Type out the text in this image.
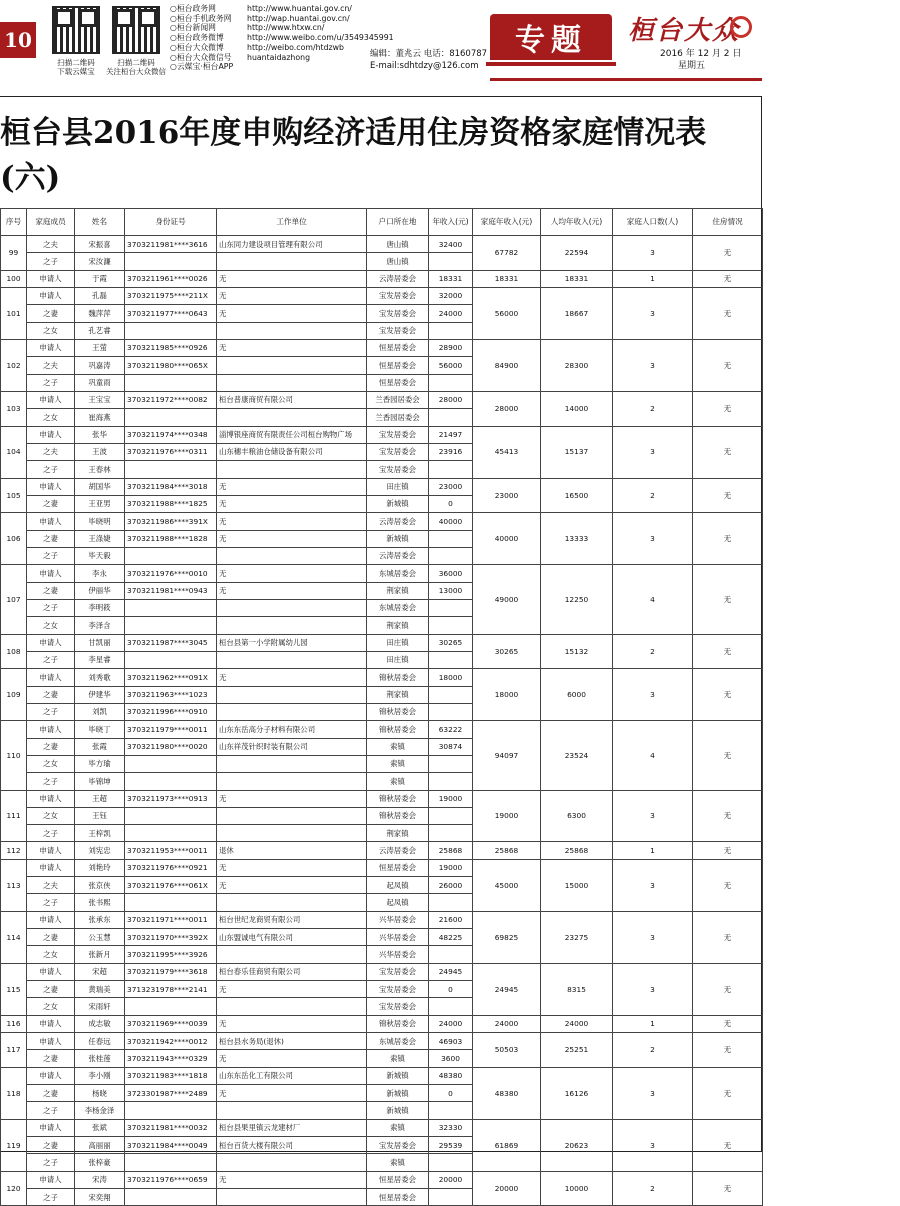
10
扫描二维码
下载云媒宝
扫描二维码
关注桓台大众微信
○ 桓台政务网	http://www.huantai.gov.cn/
○ 桓台手机政务网	http://wap.huantai.gov.cn/
○ 桓台新闻网	http://www.htxw.cn/
○ 桓台政务微博	http://www.weibo.com/u/3549345991
○ 桓台大众微博	http://weibo.com/htdzwb
○ 桓台大众微信号	huantaidazhong
○ 云媒宝·桓台APP
编辑：董兆云 电话：8160787
E-mail:sdhtdzy@126.com
专题	桓台大众
2016 年 12 月 2 日
星期五
桓台县2016年度申购经济适用住房资格家庭情况表(六)
序号	家庭成员	姓名	身份证号	工作单位	户口所在地	年收入(元)	家庭年收入(元)	人均年收入(元)	家庭人口数(人)	住房情况
99	之夫	宋振喜	3703211981****3616	山东同力建设项目管理有限公司	唐山镇	32400	67782	22594	3	无
	之子	宋汝濂			唐山镇					
100	申请人	于霞	3703211961****0026	无	云涛居委会	18331	18331	18331	1	无
101	申请人	孔磊	3703211975****211X	无	宝发居委会	32000	56000	18667	3	无
	之妻	魏萍萍	3703211977****0643	无	宝发居委会	24000				
	之女	孔艺睿			宝发居委会					
102	申请人	王萤	3703211985****0926	无	恒星居委会	28900	84900	28300	3	无
	之夫	巩嘉涛	3703211980****065X		恒星居委会	56000				
	之子	巩童雨			恒星居委会					
103	申请人	王宝宝	3703211972****0082	桓台普康商贸有限公司	兰香园居委会	28000	28000	14000	2	无
	之女	崔海燕			兰香园居委会					
104	申请人	张华	3703211974****0348	淄博银座商贸有限责任公司桓台购物广场	宝发居委会	21497	45413	15137	3	无
	之夫	王波	3703211976****0311	山东穗丰粮油仓储设备有限公司	宝发居委会	23916				
	之子	王春林			宝发居委会					
105	申请人	胡国华	3703211984****3018	无	田庄镇	23000	23000	16500	2	无
	之妻	王亚男	3703211988****1825	无	新城镇	0				
106	申请人	毕晓明	3703211986****391X	无	云涛居委会	40000	40000	13333	3	无
	之妻	王涤婕	3703211988****1828	无	新城镇					
	之子	毕天毅			云涛居委会					
107	申请人	李永	3703211976****0010	无	东城居委会	36000	49000	12250	4	无
	之妻	伊丽华	3703211981****0943	无	荆家镇	13000				
	之子	李明筱			东城居委会					
	之女	李泽含			荆家镇					
108	申请人	甘凯丽	3703211987****3045	桓台县第一小学附属幼儿园	田庄镇	30265	30265	15132	2	无
	之子	李星睿			田庄镇					
109	申请人	刘秀歌	3703211962****091X	无	锦秋居委会	18000	18000	6000	3	无
	之妻	伊建华	3703211963****1023		荆家镇					
	之子	刘凯	3703211996****0910		锦秋居委会					
110	申请人	毕晓丁	3703211979****0011	山东东岳高分子材料有限公司	锦秋居委会	63222	94097	23524	4	无
	之妻	张霞	3703211980****0020	山东祥茂针织时装有限公司	索镇	30874				
	之女	毕方瑜			索镇					
	之子	毕锦坤			索镇					
111	申请人	王超	3703211973****0913	无	锦秋居委会	19000	19000	6300	3	无
	之女	王钰			锦秋居委会					
	之子	王梓凯			荆家镇					
112	申请人	刘宪忠	3703211953****0011	退休	云涛居委会	25868	25868	25868	1	无
113	申请人	刘艳玲	3703211976****0921	无	恒星居委会	19000	45000	15000	3	无
	之夫	张京侠	3703211976****061X	无	起凤镇	26000				
	之子	张书熙			起凤镇					
114	申请人	张承东	3703211971****0011	桓台世纪龙商贸有限公司	兴华居委会	21600	69825	23275	3	无
	之妻	公玉慧	3703211970****392X	山东盟诚电气有限公司	兴华居委会	48225				
	之女	张新月	3703211995****3926		兴华居委会					
115	申请人	宋超	3703211979****3618	桓台春乐佳商贸有限公司	宝发居委会	24945	24945	8315	3	无
	之妻	黄瑞美	3713231978****2141	无	宝发居委会	0				
	之女	宋雨轩			宝发居委会					
116	申请人	成志敏	3703211969****0039	无	锦秋居委会	24000	24000	24000	1	无
117	申请人	任春远	3703211942****0012	桓台县水务局(退休)	东城居委会	46903	50503	25251	2	无
	之妻	张桂莲	3703211943****0329	无	索镇	3600				
118	申请人	李小刚	3703211983****1818	山东东岳化工有限公司	新城镇	48380	48380	16126	3	无
	之妻	杨晓	3723301987****2489	无	新城镇	0				
	之子	李杨金泽			新城镇					
119	申请人	张斌	3703211981****0032	桓台县果里镇云龙建材厂	索镇	32330	61869	20623	3	无
	之妻	高丽丽	3703211984****0049	桓台百货大楼有限公司	宝发居委会	29539				
	之子	张梓豪			索镇					
120	申请人	宋涛	3703211976****0659	无	恒星居委会	20000	20000	10000	2	无
	之子	宋奕翔			恒星居委会					
